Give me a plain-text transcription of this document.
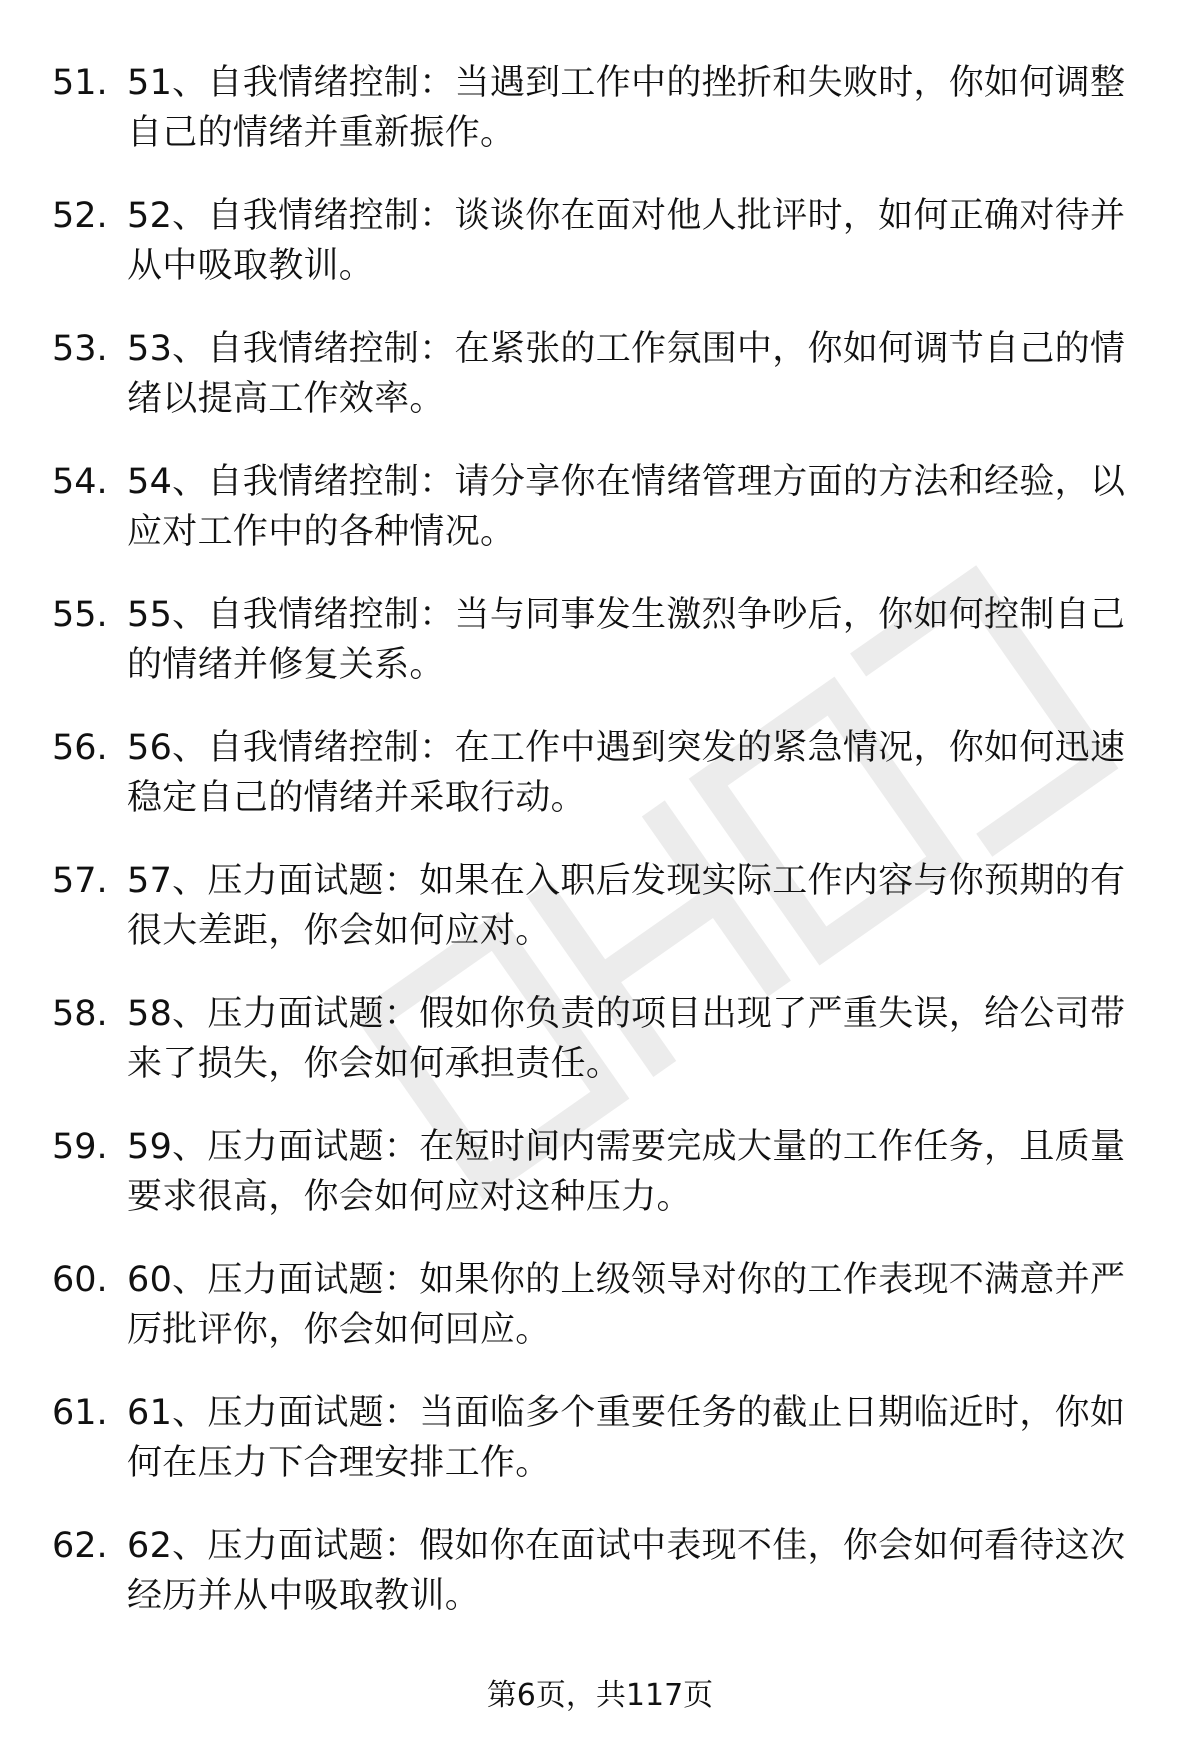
51. 51、自我情绪控制：当遇到工作中的挫折和失败时，你如何调整自己的情绪并重新振作。
52. 52、自我情绪控制：谈谈你在面对他人批评时，如何正确对待并从中吸取教训。
53. 53、自我情绪控制：在紧张的工作氛围中，你如何调节自己的情绪以提高工作效率。
54. 54、自我情绪控制：请分享你在情绪管理方面的方法和经验，以应对工作中的各种情况。
55. 55、自我情绪控制：当与同事发生激烈争吵后，你如何控制自己的情绪并修复关系。
56. 56、自我情绪控制：在工作中遇到突发的紧急情况，你如何迅速稳定自己的情绪并采取行动。
57. 57、压力面试题：如果在入职后发现实际工作内容与你预期的有很大差距，你会如何应对。
58. 58、压力面试题：假如你负责的项目出现了严重失误，给公司带来了损失，你会如何承担责任。
59. 59、压力面试题：在短时间内需要完成大量的工作任务，且质量要求很高，你会如何应对这种压力。
60. 60、压力面试题：如果你的上级领导对你的工作表现不满意并严厉批评你，你会如何回应。
61. 61、压力面试题：当面临多个重要任务的截止日期临近时，你如何在压力下合理安排工作。
62. 62、压力面试题：假如你在面试中表现不佳，你会如何看待这次经历并从中吸取教训。
第6页，共117页
